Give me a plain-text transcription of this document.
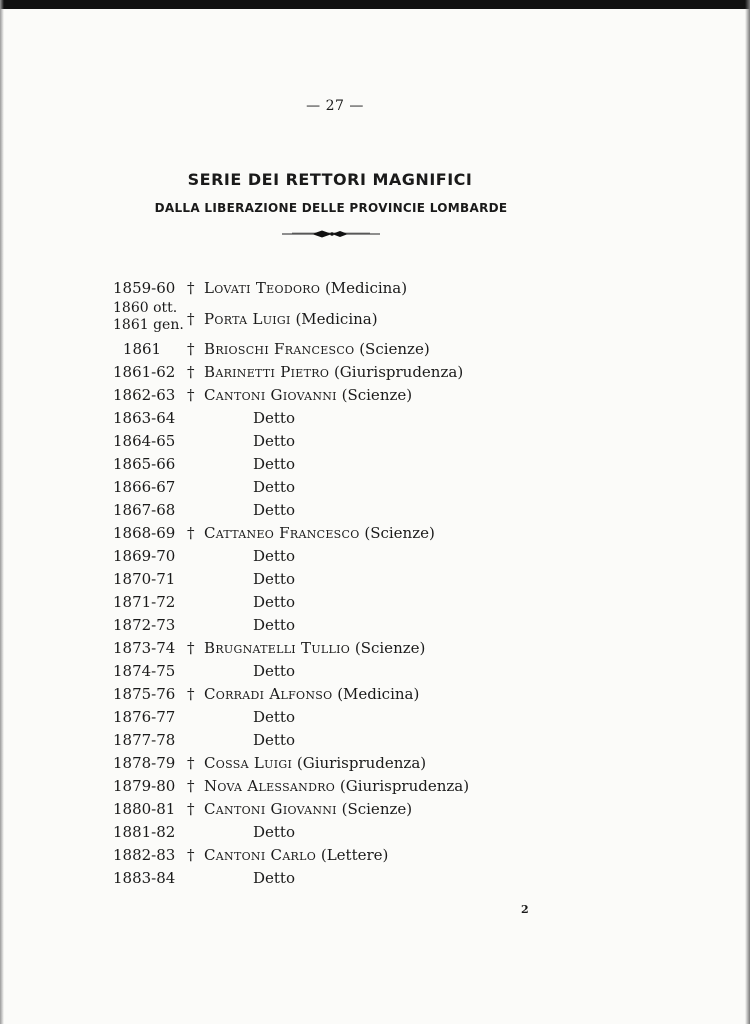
— 27 —
SERIE DEI RETTORI MAGNIFICI
DALLA LIBERAZIONE DELLE PROVINCIE LOMBARDE
1859-60 † Lovati Teodoro (Medicina)
1860 ott.
1861 gen. † Porta Luigi (Medicina)
1861	† Brioschi Francesco (Scienze)
1861-62 † Barinetti Pietro (Giurisprudenza)
1862-63 † Cantoni Giovanni (Scienze)
1863-64	Detto
1864-65	Detto
1865-66	Detto
1866-67	Detto
1867-68	Detto
1868-69 † Cattaneo Francesco (Scienze)
1869-70	Detto
1870-71	Detto
1871-72	Detto
1872-73	Detto
1873-74 † Brugnatelli Tullio (Scienze)
1874-75	Detto
1875-76 † Corradi Alfonso (Medicina)
1876-77	Detto
1877-78	Detto
1878-79 † Cossa Luigi (Giurisprudenza)
1879-80 † Nova Alessandro (Giurisprudenza)
1880-81 † Cantoni Giovanni (Scienze)
1881-82	Detto
1882-83 † Cantoni Carlo (Lettere)
1883-84	Detto
2
